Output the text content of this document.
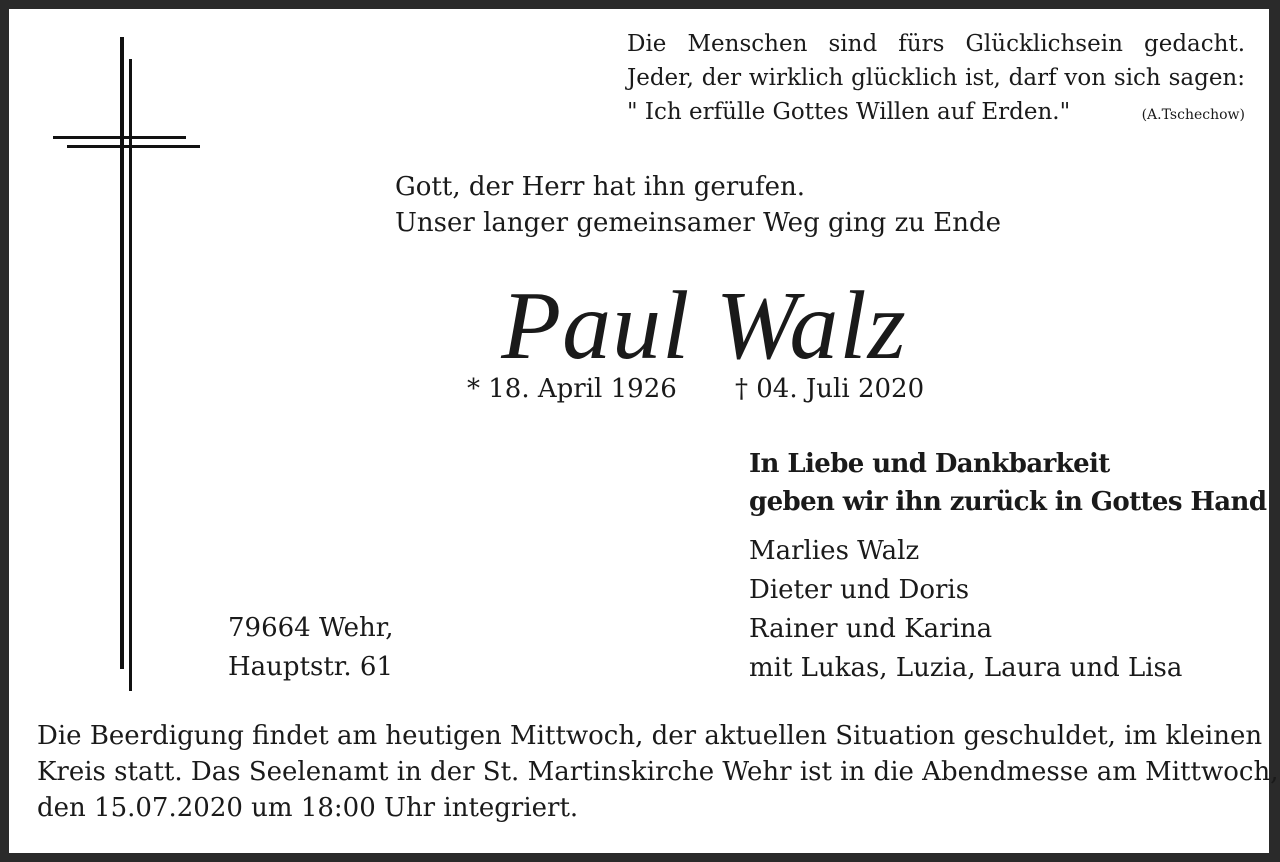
Die Menschen sind fürs Glücklichsein gedacht.

Jeder, der wirklich glücklich ist, darf von sich sagen:

" Ich erfülle Gottes Willen auf Erden."	(A.Tschechow)

Gott, der Herr hat ihn gerufen.

Unser langer gemeinsamer Weg ging zu Ende

Paul Walz
* 18. April 1926 † 04. Juli 2020

In Liebe und Dankbarkeit

geben wir ihn zurück in Gottes Hand

Marlies Walz

Dieter und Doris

Rainer und Karina

mit Lukas, Luzia, Laura und Lisa

79664 Wehr,

Hauptstr. 61

Die Beerdigung findet am heutigen Mittwoch, der aktuellen Situation geschuldet, im kleinen

Kreis statt. Das Seelenamt in der St. Martinskirche Wehr ist in die Abendmesse am Mittwoch,

den 15.07.2020 um 18:00 Uhr integriert.
